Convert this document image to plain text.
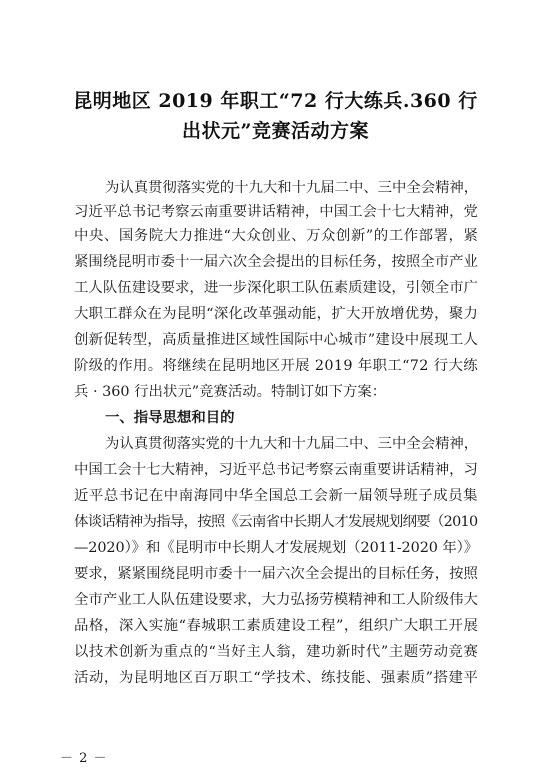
昆明地区 2019 年职工“72 行大练兵.360 行
出状元”竞赛活动方案
为认真贯彻落实党的十九大和十九届二中、三中全会精神，
习近平总书记考察云南重要讲话精神，中国工会十七大精神，党
中央、国务院大力推进“大众创业、万众创新”的工作部署，紧
紧围绕昆明市委十一届六次全会提出的目标任务，按照全市产业
工人队伍建设要求，进一步深化职工队伍素质建设，引领全市广
大职工群众在为昆明“深化改革强动能，扩大开放增优势，聚力
创新促转型，高质量推进区域性国际中心城市”建设中展现工人
阶级的作用。将继续在昆明地区开展 2019 年职工“72 行大练
兵 · 360 行出状元”竞赛活动。特制订如下方案：
一、指导思想和目的
为认真贯彻落实党的十九大和十九届二中、三中全会精神，
中国工会十七大精神，习近平总书记考察云南重要讲话精神，习
近平总书记在中南海同中华全国总工会新一届领导班子成员集
体谈话精神为指导，按照《云南省中长期人才发展规划纲要（2010
—2020）》和《昆明市中长期人才发展规划（2011-2020 年）》
要求，紧紧围绕昆明市委十一届六次全会提出的目标任务，按照
全市产业工人队伍建设要求，大力弘扬劳模精神和工人阶级伟大
品格，深入实施“春城职工素质建设工程”，组织广大职工开展
以技术创新为重点的“当好主人翁，建功新时代”主题劳动竞赛
活动，为昆明地区百万职工“学技术、练技能、强素质”搭建平
－ 2 －
